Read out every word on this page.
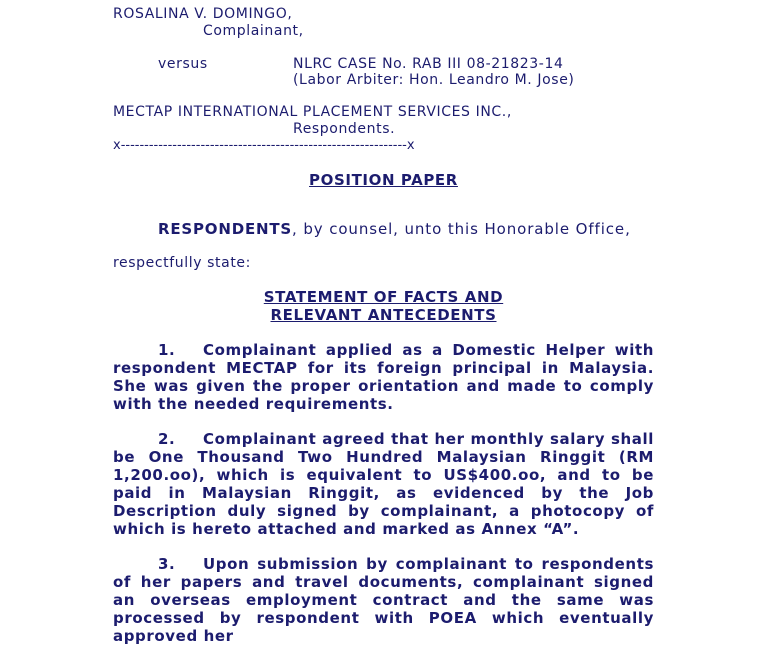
ROSALINA V. DOMINGO,
Complainant,
versus	NLRC CASE No. RAB III 08-21823-14
(Labor Arbiter: Hon. Leandro M. Jose)
MECTAP INTERNATIONAL PLACEMENT SERVICES INC.,
Respondents.
x-------------------------------------------------------------x
POSITION PAPER
RESPONDENTS, by counsel, unto this Honorable Office,
respectfully state:
STATEMENT OF FACTS AND
RELEVANT ANTECEDENTS

1. Complainant applied as a Domestic Helper with respondent MECTAP for its foreign principal in Malaysia. She was given the proper orientation and made to comply with the needed requirements.

2. Complainant agreed that her monthly salary shall be One Thousand Two Hundred Malaysian Ringgit (RM 1,200.oo), which is equivalent to US$400.oo, and to be paid in Malaysian Ringgit, as evidenced by the Job Description duly signed by complainant, a photocopy of which is hereto attached and marked as Annex “A”.

3. Upon submission by complainant to respondents of her papers and travel documents, complainant signed an overseas employment contract and the same was processed by respondent with POEA which eventually approved her
